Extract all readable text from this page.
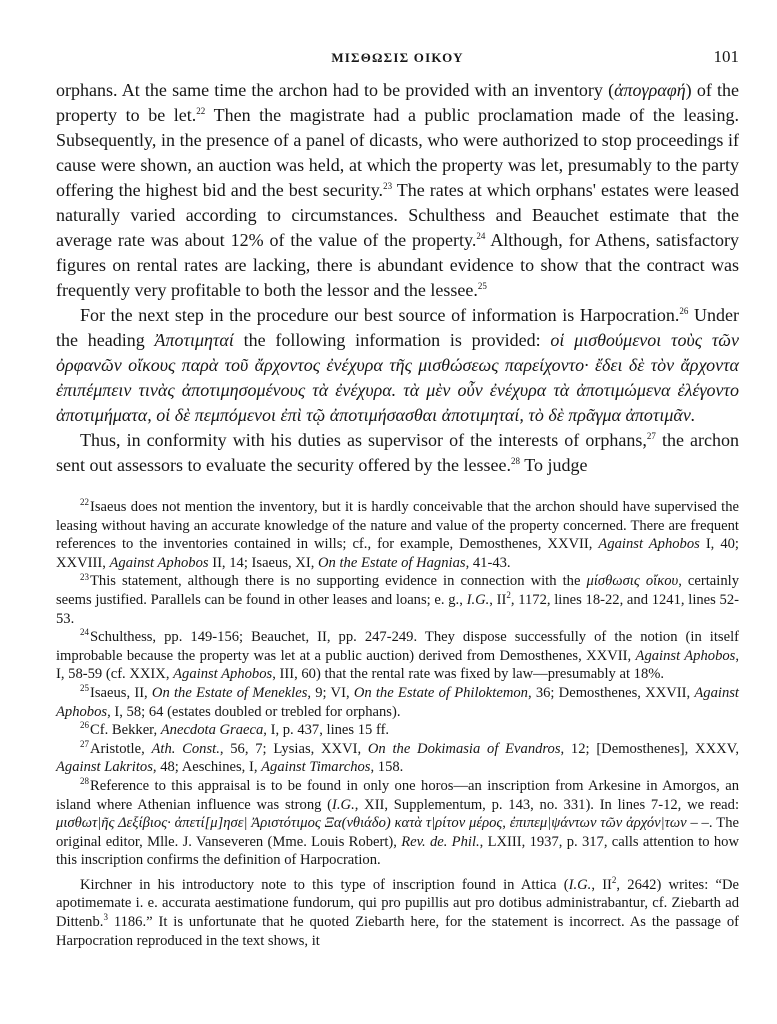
ΜΙΣΘΩΣΙΣ ΟΙΚΟΥ	101

orphans. At the same time the archon had to be provided with an inventory (ἀπογραφή) of the property to be let.$^{22}$ Then the magistrate had a public proclamation made of the leasing. Subsequently, in the presence of a panel of dicasts, who were authorized to stop proceedings if cause were shown, an auction was held, at which the property was let, presumably to the party offering the highest bid and the best security.$^{23}$ The rates at which orphans' estates were leased naturally varied according to circumstances. Schulthess and Beauchet estimate that the average rate was about 12% of the value of the property.$^{24}$ Although, for Athens, satisfactory figures on rental rates are lacking, there is abundant evidence to show that the contract was frequently very profitable to both the lessor and the lessee.$^{25}$

For the next step in the procedure our best source of information is Harpocration.$^{26}$ Under the heading Ἀποτιμηταί the following information is provided: οἱ μισθούμενοι τοὺς τῶν ὀρφανῶν οἴκους παρὰ τοῦ ἄρχοντος ἐνέχυρα τῆς μισθώσεως παρείχοντο· ἔδει δὲ τὸν ἄρχοντα ἐπιπέμπειν τινὰς ἀποτιμησομένους τὰ ἐνέχυρα. τὰ μὲν οὖν ἐνέχυρα τὰ ἀποτιμώμενα ἐλέγοντο ἀποτιμήματα, οἱ δὲ πεμπόμενοι ἐπὶ τῷ ἀποτιμήσασθαι ἀποτιμηταί, τὸ δὲ πρᾶγμα ἀποτιμᾶν.

Thus, in conformity with his duties as supervisor of the interests of orphans,$^{27}$ the archon sent out assessors to evaluate the security offered by the lessee.$^{28}$ To judge

$^{22}$Isaeus does not mention the inventory, but it is hardly conceivable that the archon should have supervised the leasing without having an accurate knowledge of the nature and value of the property concerned. There are frequent references to the inventories contained in wills; cf., for example, Demosthenes, XXVII, Against Aphobos I, 40; XXVIII, Against Aphobos II, 14; Isaeus, XI, On the Estate of Hagnias, 41-43.

$^{23}$This statement, although there is no supporting evidence in connection with the μίσθωσις οἴκου, certainly seems justified. Parallels can be found in other leases and loans; e. g., I.G., $II^2$, 1172, lines 18-22, and 1241, lines 52-53.

$^{24}$Schulthess, pp. 149-156; Beauchet, II, pp. 247-249. They dispose successfully of the notion (in itself improbable because the property was let at a public auction) derived from Demosthenes, XXVII, Against Aphobos, I, 58-59 (cf. XXIX, Against Aphobos, III, 60) that the rental rate was fixed by law—presumably at 18%.

$^{25}$Isaeus, II, On the Estate of Menekles, 9; VI, On the Estate of Philoktemon, 36; Demosthenes, XXVII, Against Aphobos, I, 58; 64 (estates doubled or trebled for orphans).

$^{26}$Cf. Bekker, Anecdota Graeca, I, p. 437, lines 15 ff.

$^{27}$Aristotle, Ath. Const., 56, 7; Lysias, XXVI, On the Dokimasia of Evandros, 12; [Demosthenes], XXXV, Against Lakritos, 48; Aeschines, I, Against Timarchos, 158.

$^{28}$Reference to this appraisal is to be found in only one horos—an inscription from Arkesine in Amorgos, an island where Athenian influence was strong (I.G., XII, Supplementum, p. 143, no. 331). In lines 7-12, we read: μισθωτ|ῆς Δεξίβιος· ἀπετί[μ]ησε| Ἀριστότιμος Ξα(νθιάδο) κατὰ τ|ρίτον μέρος, ἐπιπεμ|ψάντων τῶν ἀρχόν|των – –. The original editor, Mlle. J. Vanseveren (Mme. Louis Robert), Rev. de. Phil., LXIII, 1937, p. 317, calls attention to how this inscription confirms the definition of Harpocration.

Kirchner in his introductory note to this type of inscription found in Attica (I.G., $II^2$, 2642) writes: “De apotimemate i. e. accurata aestimatione fundorum, qui pro pupillis aut pro dotibus administrabantur, cf. Ziebarth ad Dittenb.$^3$ 1186.” It is unfortunate that he quoted Ziebarth here, for the statement is incorrect. As the passage of Harpocration reproduced in the text shows, it
